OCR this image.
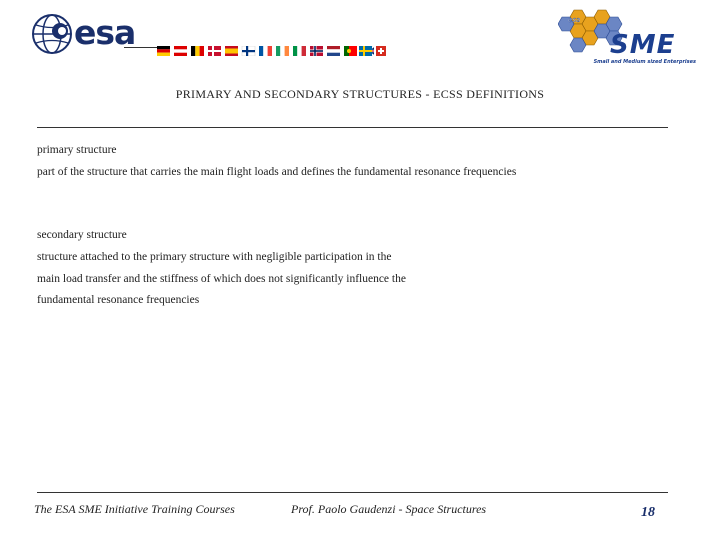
esa	esa
SME
Small and Medium sized Enterprises
PRIMARY AND SECONDARY STRUCTURES - ECSS DEFINITIONS
primary structure
part of the structure that carries the main flight loads and defines the fundamental resonance frequencies
secondary structure

structure attached to the primary structure with negligible participation in the

main load transfer and the stiffness of which does not significantly influence the

fundamental resonance frequencies

The ESA SME Initiative Training Courses	Prof. Paolo Gaudenzi - Space Structures	18
